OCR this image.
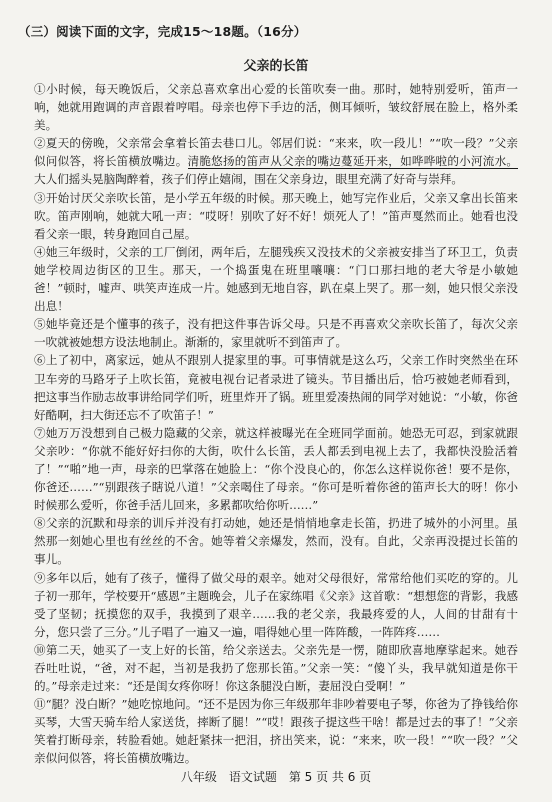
（三）阅读下面的文字，完成15～18题。（16分）
父亲的长笛

①小时候，每天晚饭后，父亲总喜欢拿出心爱的长笛吹奏一曲。那时，她特别爱听，笛声一响，她就用跑调的声音跟着哼唱。母亲也停下手边的活，侧耳倾听，皱纹舒展在脸上，格外柔美。

②夏天的傍晚，父亲常会拿着长笛去巷口儿。邻居们说：“来来，吹一段儿！”“吹一段？”父亲似问似答，将长笛横放嘴边。清脆悠扬的笛声从父亲的嘴边蔓延开来，如哗哗啦的小河流水。大人们摇头晃脑陶醉着，孩子们停止嬉闹，围在父亲身边，眼里充满了好奇与崇拜。

③开始讨厌父亲吹长笛，是小学五年级的时候。那天晚上，她写完作业后，父亲又拿出长笛来吹。笛声刚响，她就大吼一声：“哎呀！别吹了好不好！烦死人了！”笛声戛然而止。她看也没看父亲一眼，转身跑回自己屋。

④她三年级时，父亲的工厂倒闭，两年后，左腿残疾又没技术的父亲被安排当了环卫工，负责她学校周边街区的卫生。那天，一个捣蛋鬼在班里嚷嚷：“门口那扫地的老大爷是小敏她爸！”顿时，嘘声、哄笑声连成一片。她感到无地自容，趴在桌上哭了。那一刻，她只恨父亲没出息！

⑤她毕竟还是个懂事的孩子，没有把这件事告诉父母。只是不再喜欢父亲吹长笛了，每次父亲一吹就被她想方设法地制止。渐渐的，家里就听不到笛声了。

⑥上了初中，离家远，她从不跟别人提家里的事。可事情就是这么巧，父亲工作时突然坐在环卫车旁的马路牙子上吹长笛，竟被电视台记者录进了镜头。节目播出后，恰巧被她老师看到，把这事当作励志故事讲给同学们听，班里炸开了锅。班里爱凑热闹的同学对她说：“小敏，你爸好酷啊，扫大街还忘不了吹笛子！”

⑦她万万没想到自己极力隐藏的父亲，就这样被曝光在全班同学面前。她恐无可忍，到家就跟父亲吵：“你就不能好好扫你的大街，吹什么长笛，丢人都丢到电视上去了，我都快没脸活着了！”“啪”地一声，母亲的巴掌落在她脸上：“你个没良心的，你怎么这样说你爸！要不是你，你爸还……”“别跟孩子瞎说八道！”父亲喝住了母亲。“你可是听着你爸的笛声长大的呀！你小时候那么爱听，你爸手活儿回来，多累都吹给你听……”

⑧父亲的沉默和母亲的训斥并没有打动她，她还是悄悄地拿走长笛，扔进了城外的小河里。虽然那一刻她心里也有丝丝的不舍。她等着父亲爆发，然而，没有。自此，父亲再没提过长笛的事儿。

⑨多年以后，她有了孩子，懂得了做父母的艰辛。她对父母很好，常常给他们买吃的穿的。儿子初一那年，学校要开“感恩”主题晚会，儿子在家练唱《父亲》这首歌：“想想您的背影，我感受了坚韧；抚摸您的双手，我摸到了艰辛……我的老父亲，我最疼爱的人，人间的甘甜有十分，您只尝了三分。”儿子唱了一遍又一遍，唱得她心里一阵阵酸，一阵阵疼……

⑩第二天，她买了一支上好的长笛，给父亲送去。父亲先是一愣，随即欣喜地摩挲起来。她吞吞吐吐说，“爸，对不起，当初是我扔了您那长笛。”父亲一笑：“傻丫头，我早就知道是你干的。”母亲走过来：“还是闺女疼你呀！你这条腿没白断，妻屈没白受啊！”

⑪“腿？没白断？”她吃惊地问。“还不是因为你三年级那年非吵着要电子琴，你爸为了挣钱给你买琴，大雪天骑车给人家送货，摔断了腿！”“哎！跟孩子提这些干啥！都是过去的事了！”父亲笑着打断母亲，转脸看她。她赶紧抹一把泪，挤出笑来，说：“来来，吹一段！”“吹一段？”父亲似问似答，将长笛横放嘴边。

八年级　语文试题　第 5 页 共 6 页
